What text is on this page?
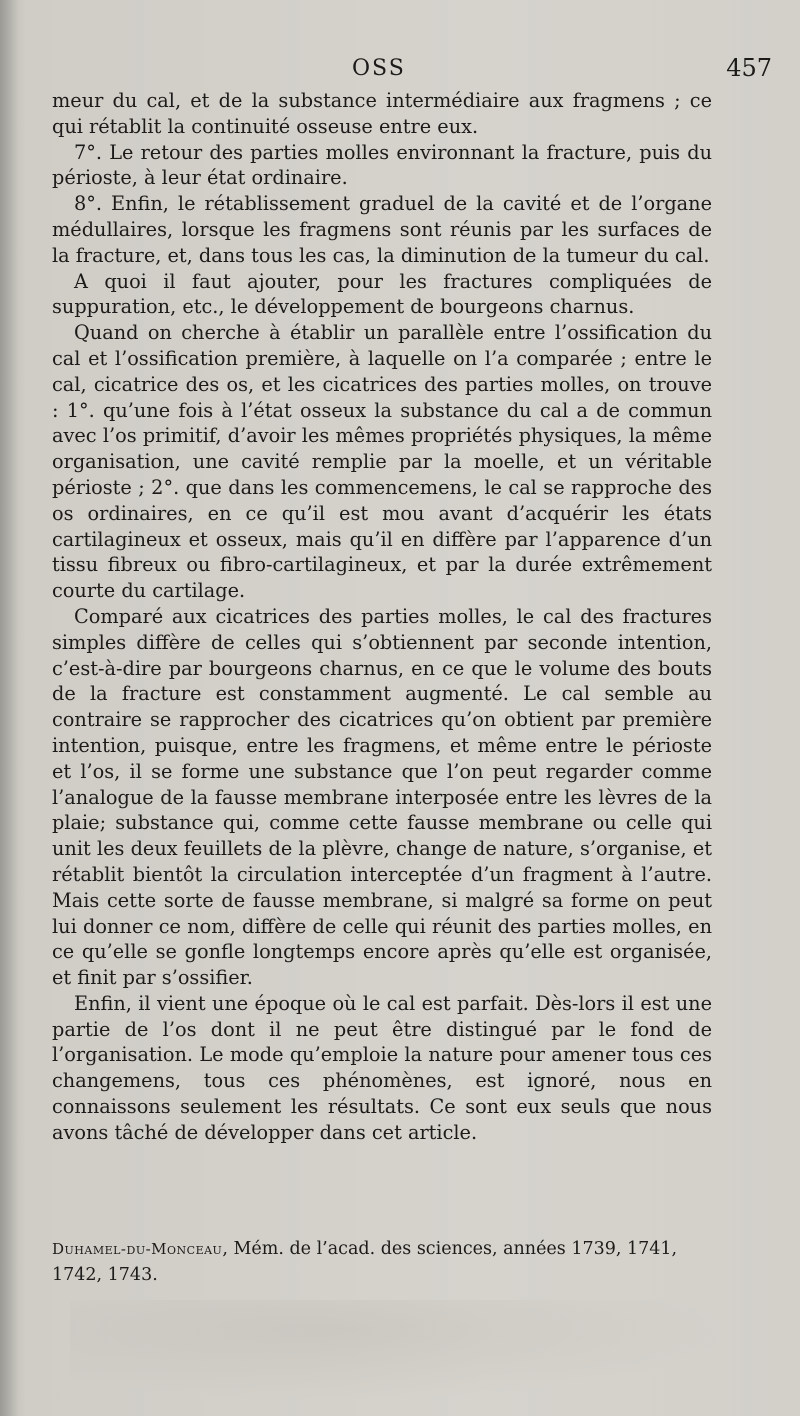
OSS	457

meur du cal, et de la substance intermédiaire aux fragmens ; ce qui rétablit la continuité osseuse entre eux.

7°. Le retour des parties molles environnant la fracture, puis du périoste, à leur état ordinaire.

8°. Enfin, le rétablissement graduel de la cavité et de l’organe médullaires, lorsque les fragmens sont réunis par les surfaces de la fracture, et, dans tous les cas, la diminution de la tumeur du cal.

A quoi il faut ajouter, pour les fractures compliquées de suppuration, etc., le développement de bourgeons charnus.

Quand on cherche à établir un parallèle entre l’ossification du cal et l’ossification première, à laquelle on l’a comparée ; entre le cal, cicatrice des os, et les cicatrices des parties molles, on trouve : 1°. qu’une fois à l’état osseux la substance du cal a de commun avec l’os primitif, d’avoir les mêmes propriétés physiques, la même organisation, une cavité remplie par la moelle, et un véritable périoste ; 2°. que dans les commencemens, le cal se rapproche des os ordinaires, en ce qu’il est mou avant d’acquérir les états cartilagineux et osseux, mais qu’il en diffère par l’apparence d’un tissu fibreux ou fibro-cartilagineux, et par la durée extrêmement courte du cartilage.

Comparé aux cicatrices des parties molles, le cal des fractures simples diffère de celles qui s’obtiennent par seconde intention, c’est-à-dire par bourgeons charnus, en ce que le volume des bouts de la fracture est constamment augmenté. Le cal semble au contraire se rapprocher des cicatrices qu’on obtient par première intention, puisque, entre les fragmens, et même entre le périoste et l’os, il se forme une substance que l’on peut regarder comme l’analogue de la fausse membrane interposée entre les lèvres de la plaie; substance qui, comme cette fausse membrane ou celle qui unit les deux feuillets de la plèvre, change de nature, s’organise, et rétablit bientôt la circulation interceptée d’un fragment à l’autre. Mais cette sorte de fausse membrane, si malgré sa forme on peut lui donner ce nom, diffère de celle qui réunit des parties molles, en ce qu’elle se gonfle longtemps encore après qu’elle est organisée, et finit par s’ossifier.

Enfin, il vient une époque où le cal est parfait. Dès-lors il est une partie de l’os dont il ne peut être distingué par le fond de l’organisation. Le mode qu’emploie la nature pour amener tous ces changemens, tous ces phénomènes, est ignoré, nous en connaissons seulement les résultats. Ce sont eux seuls que nous avons tâché de développer dans cet article.

Duhamel-du-Monceau, Mém. de l’acad. des sciences, années 1739, 1741, 1742, 1743.
